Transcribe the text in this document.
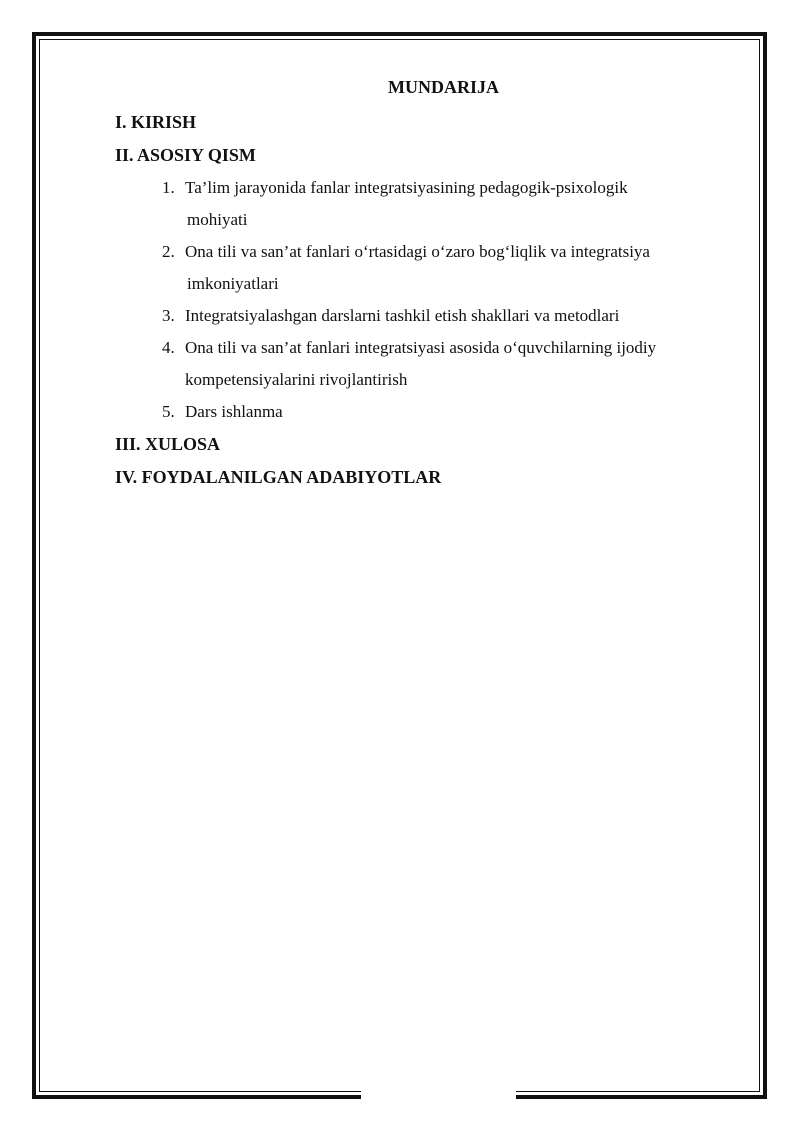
MUNDARIJA
I. KIRISH
II. ASOSIY QISM
1. Ta’lim jarayonida fanlar integratsiyasining pedagogik-psixologik
mohiyati
2. Ona tili va san’at fanlari o‘rtasidagi o‘zaro bog‘liqlik va integratsiya
imkoniyatlari
3. Integratsiyalashgan darslarni tashkil etish shakllari va metodlari
4. Ona tili va san’at fanlari integratsiyasi asosida o‘quvchilarning ijodiy
kompetensiyalarini rivojlantirish
5. Dars ishlanma
III. XULOSA
IV. FOYDALANILGAN ADABIYOTLAR
